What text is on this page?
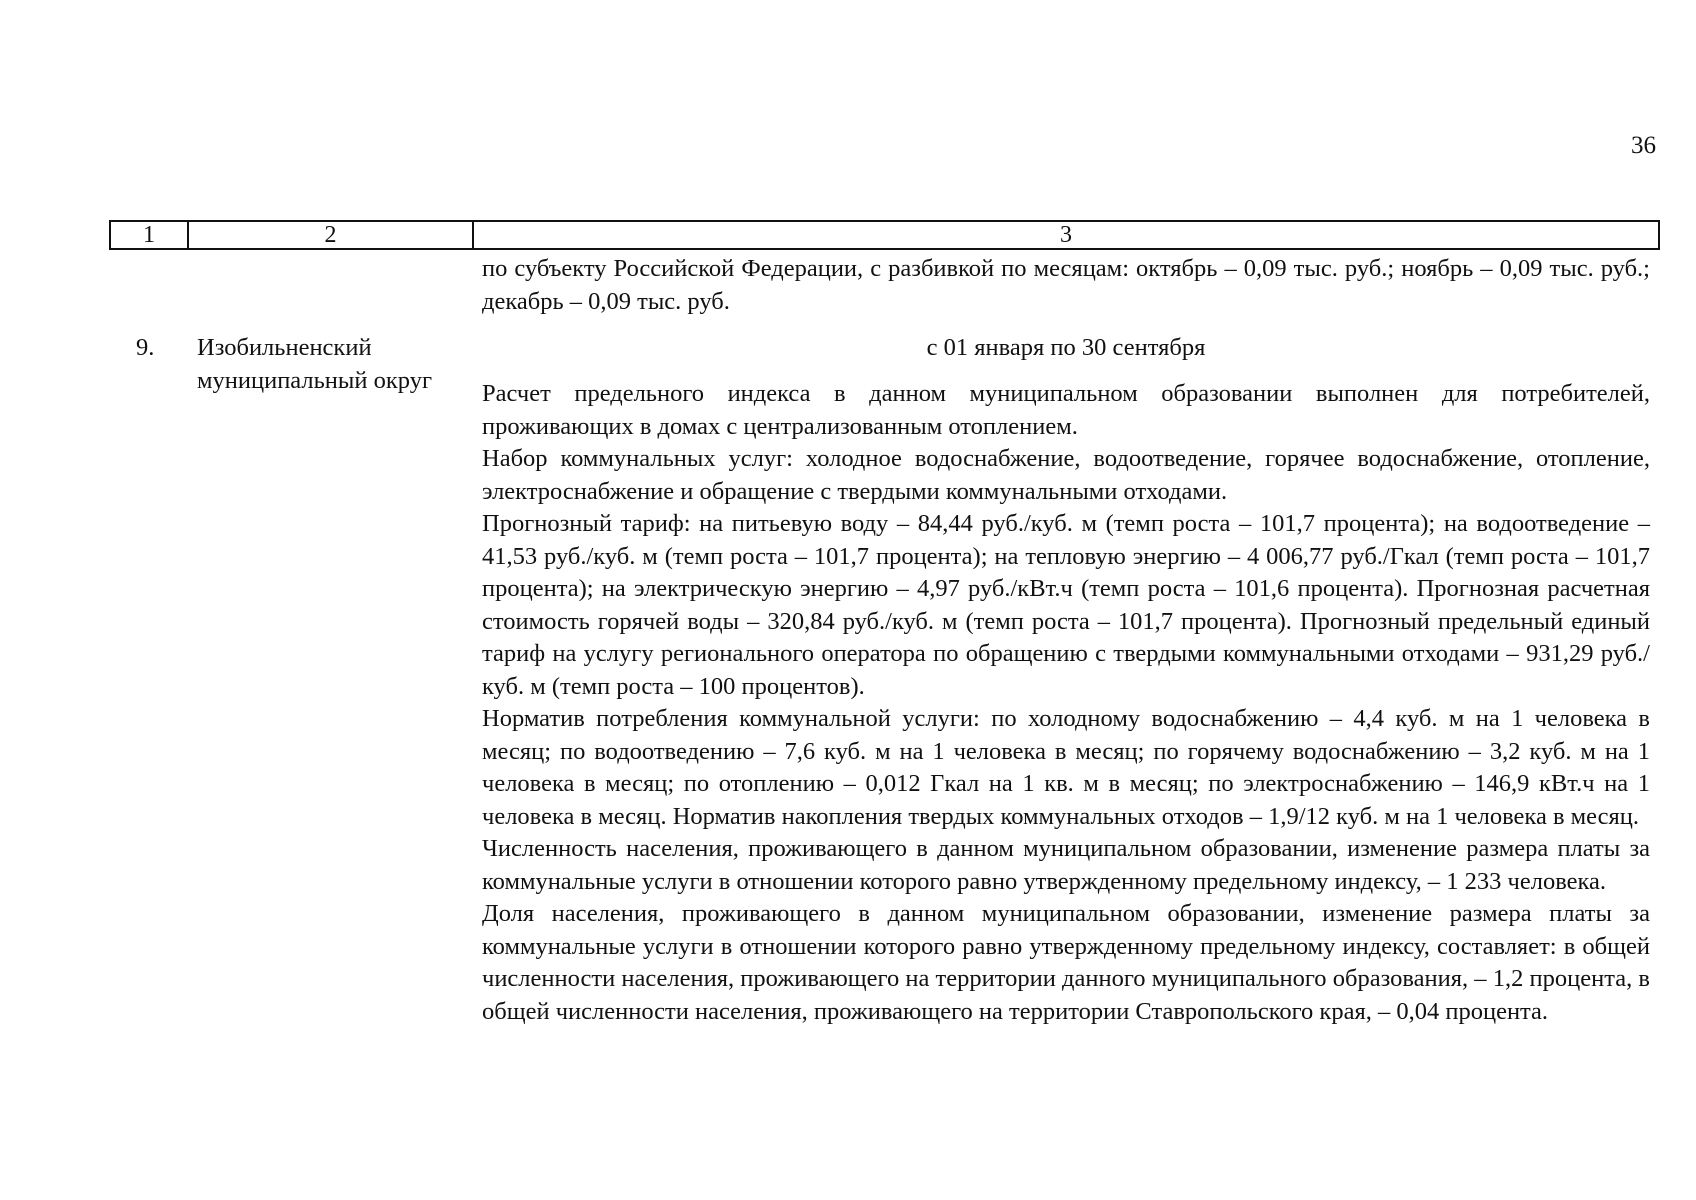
36
1	2	3

по субъекту Российской Федерации, с разбивкой по месяцам: октябрь – 0,09 тыс. руб.; ноябрь – 0,09 тыс. руб.; декабрь – 0,09 тыс. руб.

9. Изобильненский муниципальный округ
с 01 января по 30 сентября

Расчет предельного индекса в данном муниципальном образовании выполнен для потребителей, проживающих в домах с централизованным отоплением.

Набор коммунальных услуг: холодное водоснабжение, водоотведение, горячее водоснабжение, отопление, электроснабжение и обращение с твердыми коммунальными отходами.

Прогнозный тариф: на питьевую воду – 84,44 руб./куб. м (темп роста – 101,7 процента); на водоотведение – 41,53 руб./куб. м (темп роста – 101,7 процента); на тепловую энергию – 4 006,77 руб./Гкал (темп роста – 101,7 процента); на электрическую энергию – 4,97 руб./кВт.ч (темп роста – 101,6 процента). Прогнозная расчетная стоимость горячей воды – 320,84 руб./куб. м (темп роста – 101,7 процента). Прогнозный предельный единый тариф на услугу регионального оператора по обращению с твердыми коммунальными отходами – 931,29 руб./куб. м (темп роста – 100 процентов).

Норматив потребления коммунальной услуги: по холодному водоснабжению – 4,4 куб. м на 1 человека в месяц; по водоотведению – 7,6 куб. м на 1 человека в месяц; по горячему водоснабжению – 3,2 куб. м на 1 человека в месяц; по отоплению – 0,012 Гкал на 1 кв. м в месяц; по электроснабжению – 146,9 кВт.ч на 1 человека в месяц. Норматив накопления твердых коммунальных отходов – 1,9/12 куб. м на 1 человека в месяц.

Численность населения, проживающего в данном муниципальном образовании, изменение размера платы за коммунальные услуги в отношении которого равно утвержденному предельному индексу, – 1 233 человека.

Доля населения, проживающего в данном муниципальном образовании, изменение размера платы за коммунальные услуги в отношении которого равно утвержденному предельному индексу, составляет: в общей численности населения, проживающего на территории данного муниципального образования, – 1,2 процента, в общей численности населения, проживающего на территории Ставропольского края, – 0,04 процента.
